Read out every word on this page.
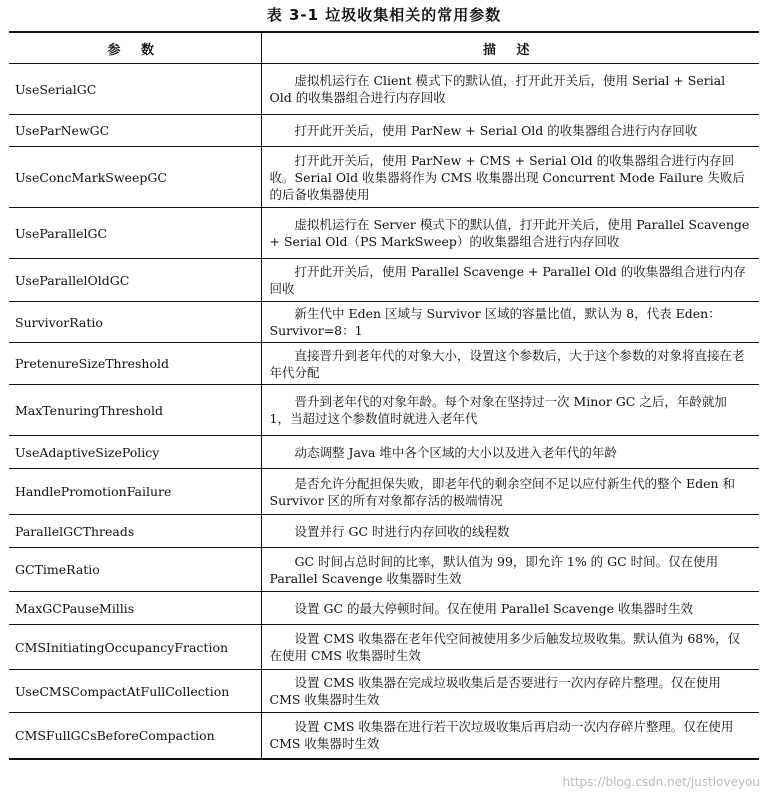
表 3-1 垃圾收集相关的常用参数
参 数	描 述
UseSerialGC	虚拟机运行在 Client 模式下的默认值，打开此开关后，使用 Serial + Serial Old 的收集器组合进行内存回收
UseParNewGC	打开此开关后，使用 ParNew + Serial Old 的收集器组合进行内存回收
UseConcMarkSweepGC	打开此开关后，使用 ParNew + CMS + Serial Old 的收集器组合进行内存回收。Serial Old 收集器将作为 CMS 收集器出现 Concurrent Mode Failure 失败后的后备收集器使用
UseParallelGC	虚拟机运行在 Server 模式下的默认值，打开此开关后，使用 Parallel Scavenge + Serial Old（PS MarkSweep）的收集器组合进行内存回收
UseParallelOldGC	打开此开关后，使用 Parallel Scavenge + Parallel Old 的收集器组合进行内存回收
SurvivorRatio	新生代中 Eden 区域与 Survivor 区域的容量比值，默认为 8，代表 Eden：Survivor=8：1
PretenureSizeThreshold	直接晋升到老年代的对象大小，设置这个参数后，大于这个参数的对象将直接在老年代分配
MaxTenuringThreshold	晋升到老年代的对象年龄。每个对象在坚持过一次 Minor GC 之后，年龄就加 1，当超过这个参数值时就进入老年代
UseAdaptiveSizePolicy	动态调整 Java 堆中各个区域的大小以及进入老年代的年龄
HandlePromotionFailure	是否允许分配担保失败，即老年代的剩余空间不足以应付新生代的整个 Eden 和 Survivor 区的所有对象都存活的极端情况
ParallelGCThreads	设置并行 GC 时进行内存回收的线程数
GCTimeRatio	GC 时间占总时间的比率，默认值为 99，即允许 1% 的 GC 时间。仅在使用 Parallel Scavenge 收集器时生效
MaxGCPauseMillis	设置 GC 的最大停顿时间。仅在使用 Parallel Scavenge 收集器时生效
CMSInitiatingOccupancyFraction	设置 CMS 收集器在老年代空间被使用多少后触发垃圾收集。默认值为 68%，仅在使用 CMS 收集器时生效
UseCMSCompactAtFullCollection	设置 CMS 收集器在完成垃圾收集后是否要进行一次内存碎片整理。仅在使用 CMS 收集器时生效
CMSFullGCsBeforeCompaction	设置 CMS 收集器在进行若干次垃圾收集后再启动一次内存碎片整理。仅在使用 CMS 收集器时生效
https://blog.csdn.net/justloveyou
